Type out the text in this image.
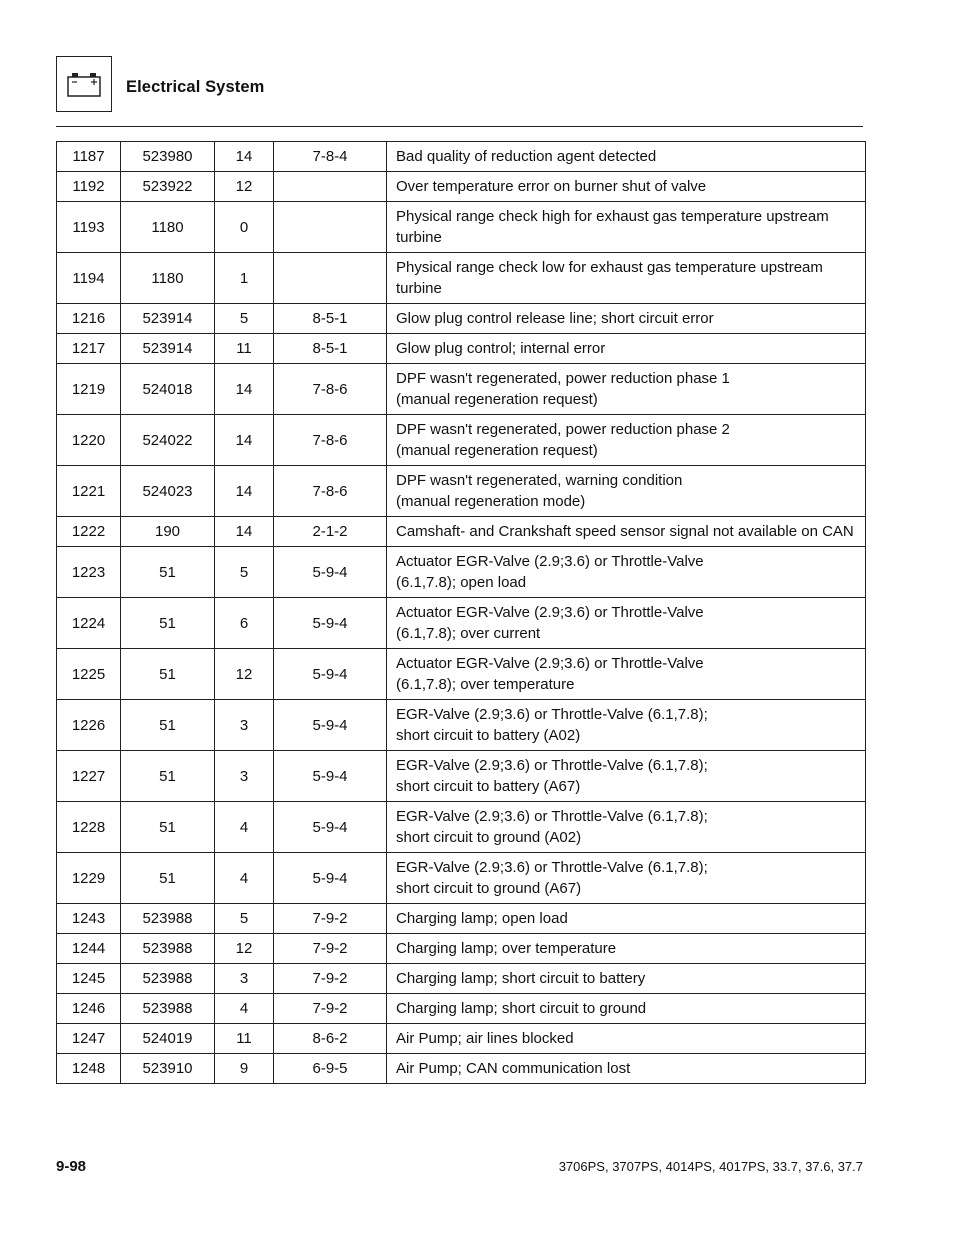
Electrical System
1187	523980	14	7-8-4	Bad quality of reduction agent detected

1192	523922	12		Over temperature error on burner shut of valve

1193	1180	0		Physical range check high for exhaust gas temperature upstream turbine

1194	1180	1		Physical range check low for exhaust gas temperature upstream turbine

1216	523914	5	8-5-1	Glow plug control release line; short circuit error

1217	523914	11	8-5-1	Glow plug control; internal error

1219	524018	14	7-8-6	DPF wasn't regenerated, power reduction phase 1
(manual regeneration request)

1220	524022	14	7-8-6	DPF wasn't regenerated, power reduction phase 2
(manual regeneration request)

1221	524023	14	7-8-6	DPF wasn't regenerated, warning condition
(manual regeneration mode)

1222	190	14	2-1-2	Camshaft- and Crankshaft speed sensor signal not available on CAN

1223	51	5	5-9-4	Actuator EGR-Valve (2.9;3.6) or Throttle-Valve
(6.1,7.8); open load

1224	51	6	5-9-4	Actuator EGR-Valve (2.9;3.6) or Throttle-Valve
(6.1,7.8); over current

1225	51	12	5-9-4	Actuator EGR-Valve (2.9;3.6) or Throttle-Valve
(6.1,7.8); over temperature

1226	51	3	5-9-4	EGR-Valve (2.9;3.6) or Throttle-Valve (6.1,7.8);
short circuit to battery (A02)

1227	51	3	5-9-4	EGR-Valve (2.9;3.6) or Throttle-Valve (6.1,7.8);
short circuit to battery (A67)

1228	51	4	5-9-4	EGR-Valve (2.9;3.6) or Throttle-Valve (6.1,7.8);
short circuit to ground (A02)

1229	51	4	5-9-4	EGR-Valve (2.9;3.6) or Throttle-Valve (6.1,7.8);
short circuit to ground (A67)

1243	523988	5	7-9-2	Charging lamp; open load

1244	523988	12	7-9-2	Charging lamp; over temperature

1245	523988	3	7-9-2	Charging lamp; short circuit to battery

1246	523988	4	7-9-2	Charging lamp; short circuit to ground

1247	524019	11	8-6-2	Air Pump; air lines blocked

1248	523910	9	6-9-5	Air Pump; CAN communication lost
9-98	3706PS, 3707PS, 4014PS, 4017PS, 33.7, 37.6, 37.7
